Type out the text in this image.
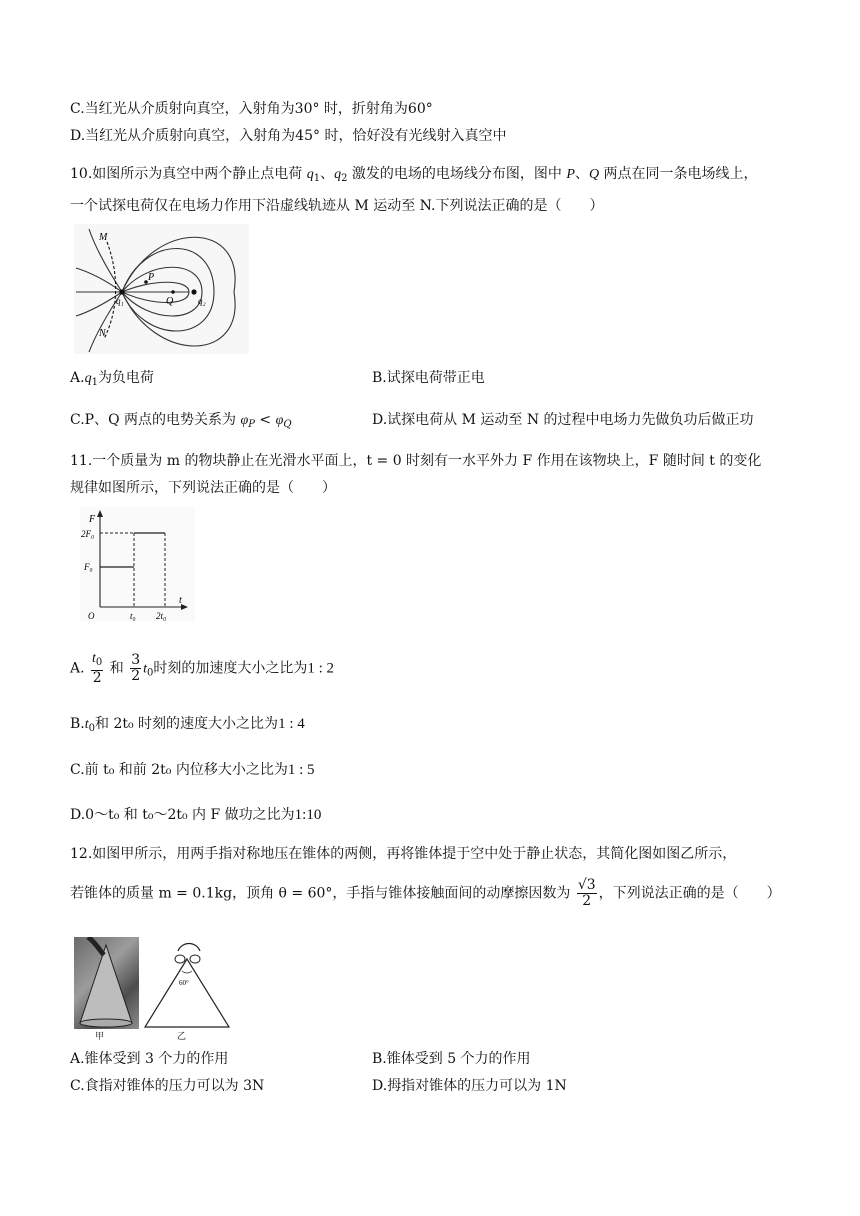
C.当红光从介质射向真空，入射角为30° 时，折射角为60°
D.当红光从介质射向真空，入射角为45° 时，恰好没有光线射入真空中
10.如图所示为真空中两个静止点电荷 $q_1$、$q_2$ 激发的电场的电场线分布图，图中 P、Q 两点在同一条电场线上，
一个试探电荷仅在电场力作用下沿虚线轨迹从 M 运动至 N.下列说法正确的是（　　）
M
N
P
Q
q₁	q₂
$A.q_1$为负电荷	B.试探电荷带正电
C.P、Q 两点的电势关系为 $\varphi_P < \varphi_Q$	D.试探电荷从 M 运动至 N 的过程中电场力先做负功后做正功
11.一个质量为 m 的物块静止在光滑水平面上，t = 0 时刻有一水平外力 F 作用在该物块上，F 随时间 t 的变化
规律如图所示，下列说法正确的是（　　）
F
t
2F₀
F₀
O	t₀ 2t₀
A. $\frac{t_0}{2}$ 和 $\frac{3}{2} t_0$时刻的加速度大小之比为1 : 2
$B.t_0$和 2t₀ 时刻的速度大小之比为1 : 4
C.前 t₀ 和前 2t₀ 内位移大小之比为1 : 5
D.0～t₀ 和 t₀～2t₀ 内 F 做功之比为1:10
12.如图甲所示，用两手指对称地压在锥体的两侧，再将锥体提于空中处于静止状态，其简化图如图乙所示，
若锥体的质量 m = 0.1kg，顶角 θ = 60°，手指与锥体接触面间的动摩擦因数为 $\frac{√3}{2}$ ，下列说法正确的是（　　）
甲
60°
乙
A.锥体受到 3 个力的作用	B.锥体受到 5 个力的作用
C.食指对锥体的压力可以为 3N	D.拇指对锥体的压力可以为 1N
